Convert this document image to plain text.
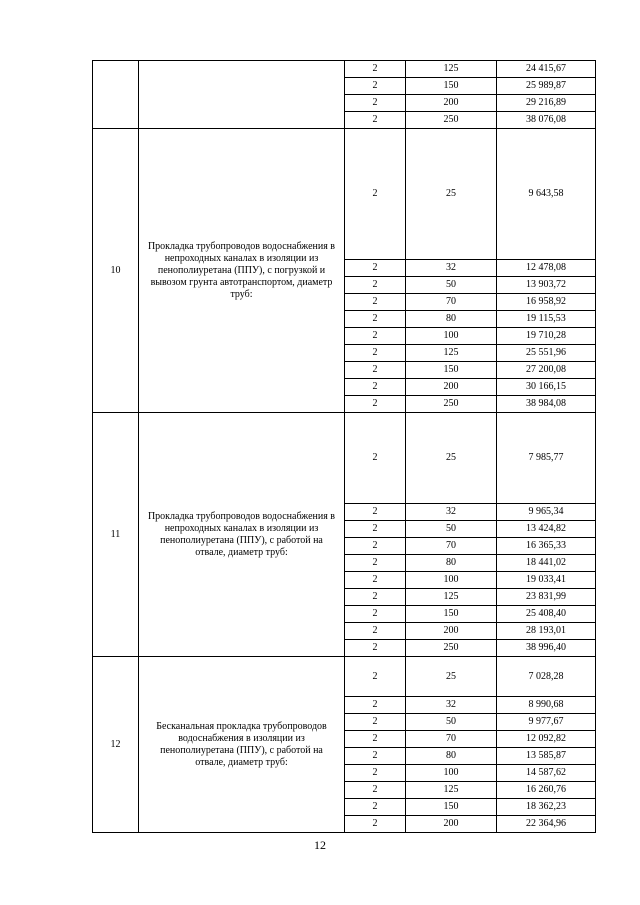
		2	125	24 415,67
		2	150	25 989,87
		2	200	29 216,89
		2	250	38 076,08
10	Прокладка трубопроводов водоснабжения в непроходных каналах в изоляции из пенополиуретана (ППУ), с погрузкой и вывозом грунта автотранспортом, диаметр труб:	2	25	9 643,58
		2	32	12 478,08
		2	50	13 903,72
		2	70	16 958,92
		2	80	19 115,53
		2	100	19 710,28
		2	125	25 551,96
		2	150	27 200,08
		2	200	30 166,15
		2	250	38 984,08
11	Прокладка трубопроводов водоснабжения в непроходных каналах в изоляции из пенополиуретана (ППУ), с работой на отвале, диаметр труб:	2	25	7 985,77
		2	32	9 965,34
		2	50	13 424,82
		2	70	16 365,33
		2	80	18 441,02
		2	100	19 033,41
		2	125	23 831,99
		2	150	25 408,40
		2	200	28 193,01
		2	250	38 996,40
12	Бесканальная прокладка трубопроводов водоснабжения в изоляции из пенополиуретана (ППУ), с работой на отвале, диаметр труб:	2	25	7 028,28
		2	32	8 990,68
		2	50	9 977,67
		2	70	12 092,82
		2	80	13 585,87
		2	100	14 587,62
		2	125	16 260,76
		2	150	18 362,23
		2	200	22 364,96
12
